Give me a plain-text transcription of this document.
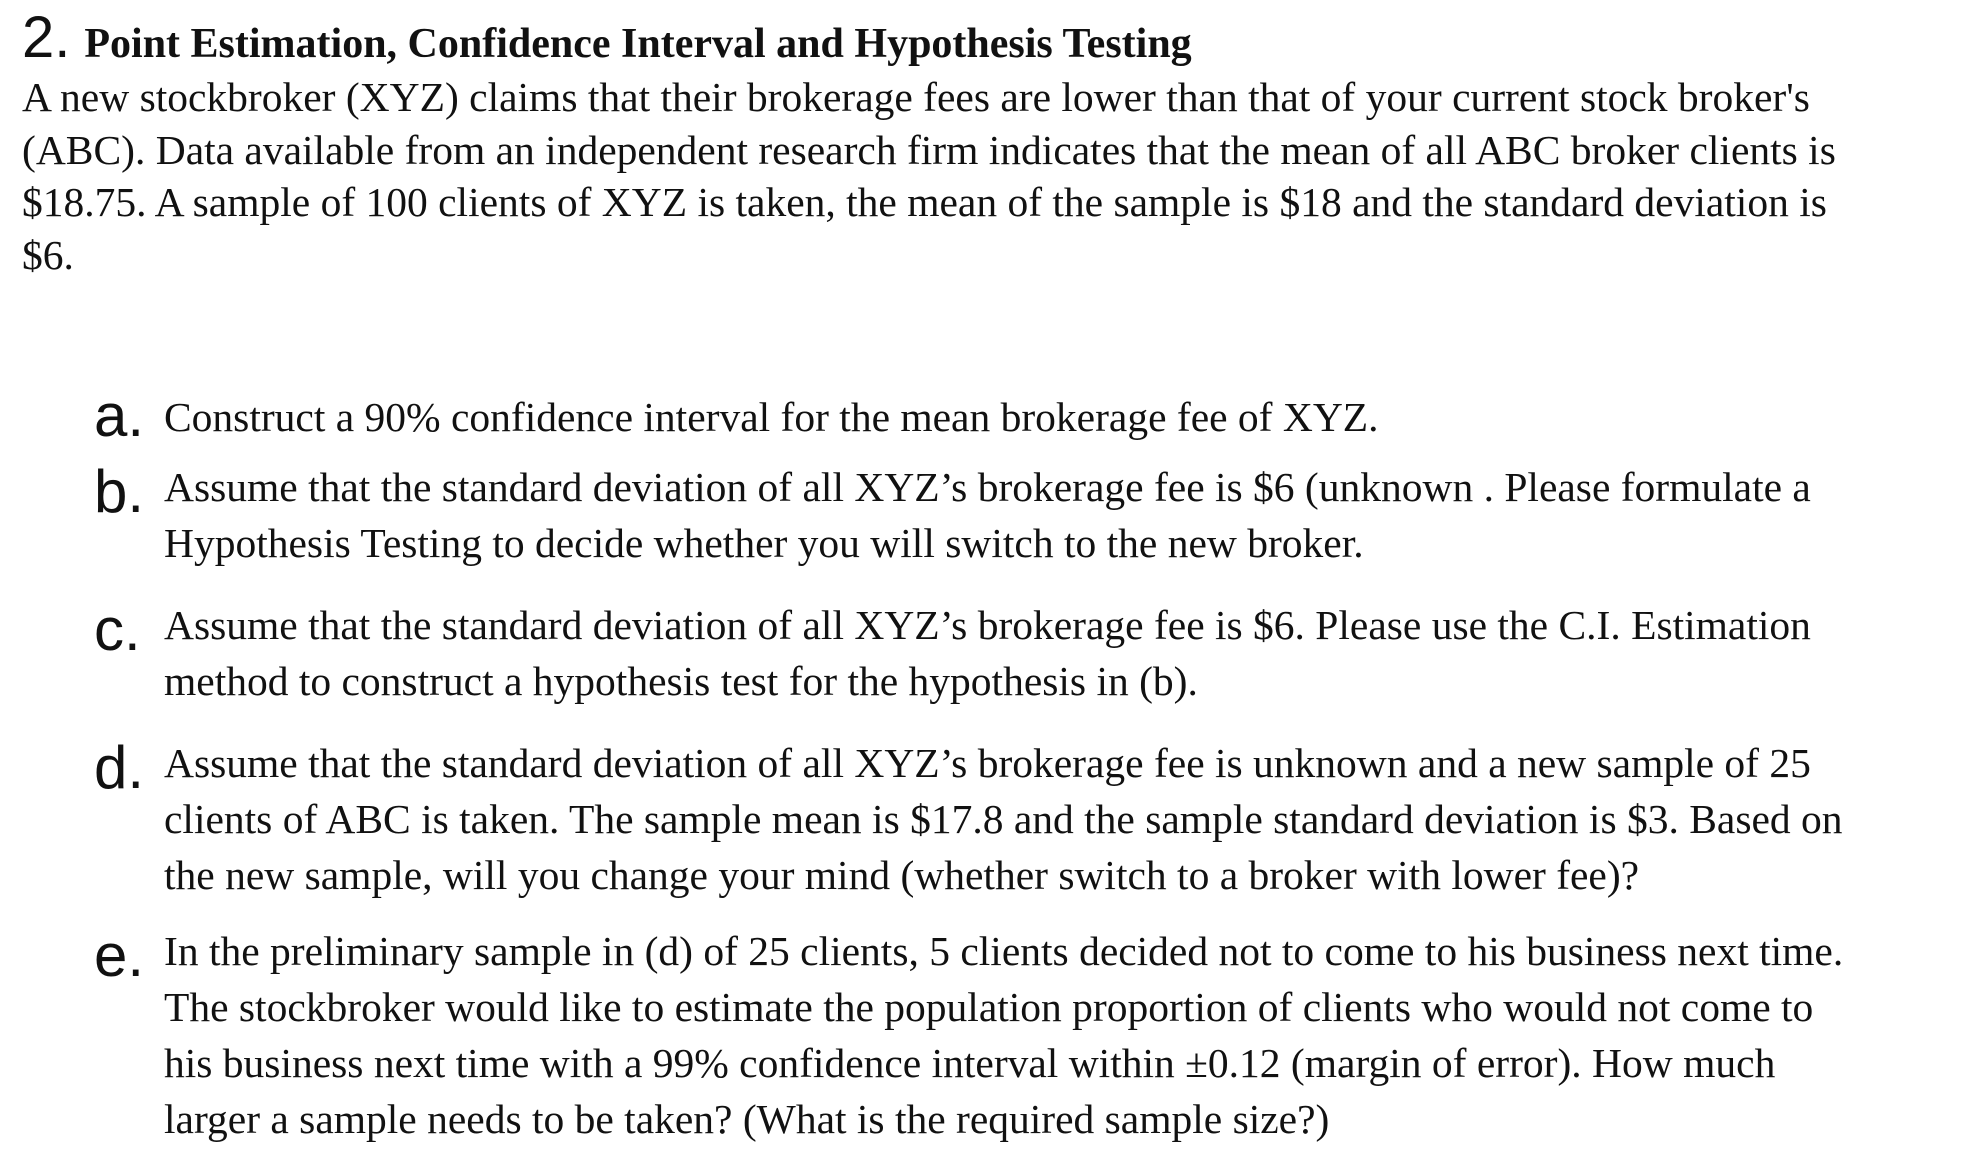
2. Point Estimation, Confidence Interval and Hypothesis Testing
A new stockbroker (XYZ) claims that their brokerage fees are lower than that of your current stock broker's
(ABC). Data available from an independent research firm indicates that the mean of all ABC broker clients is
$18.75. A sample of 100 clients of XYZ is taken, the mean of the sample is $18 and the standard deviation is
$6.
a. Construct a 90% confidence interval for the mean brokerage fee of XYZ.
b. Assume that the standard deviation of all XYZ’s brokerage fee is $6 (unknown . Please formulate a
Hypothesis Testing to decide whether you will switch to the new broker.
c. Assume that the standard deviation of all XYZ’s brokerage fee is $6. Please use the C.I. Estimation
method to construct a hypothesis test for the hypothesis in (b).
d. Assume that the standard deviation of all XYZ’s brokerage fee is unknown and a new sample of 25
clients of ABC is taken. The sample mean is $17.8 and the sample standard deviation is $3. Based on
the new sample, will you change your mind (whether switch to a broker with lower fee)?
e. In the preliminary sample in (d) of 25 clients, 5 clients decided not to come to his business next time.
The stockbroker would like to estimate the population proportion of clients who would not come to
his business next time with a 99% confidence interval within ±0.12 (margin of error). How much
larger a sample needs to be taken? (What is the required sample size?)
